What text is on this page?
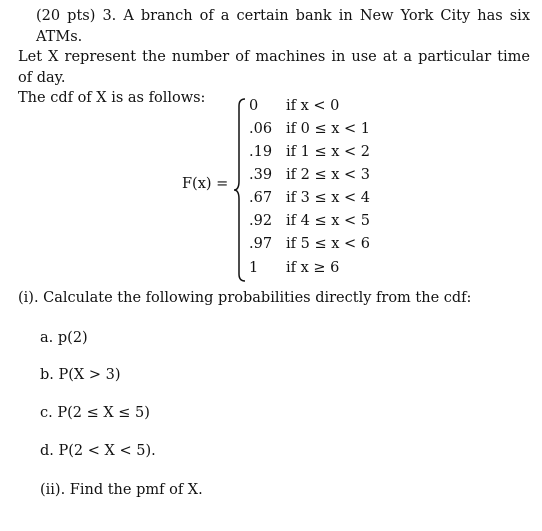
(20 pts) 3. A branch of a certain bank in New York City has six ATMs.
Let X represent the number of machines in use at a particular time of day.
The cdf of X is as follows:
F(x) =
0 if x < 0
.06 if 0 ≤ x < 1
.19 if 1 ≤ x < 2
.39 if 2 ≤ x < 3
.67 if 3 ≤ x < 4
.92 if 4 ≤ x < 5
.97 if 5 ≤ x < 6
1 if x ≥ 6
(i). Calculate the following probabilities directly from the cdf:
a. p(2)
b. P(X > 3)
c. P(2 ≤ X ≤ 5)
d. P(2 < X < 5).
(ii). Find the pmf of X.
